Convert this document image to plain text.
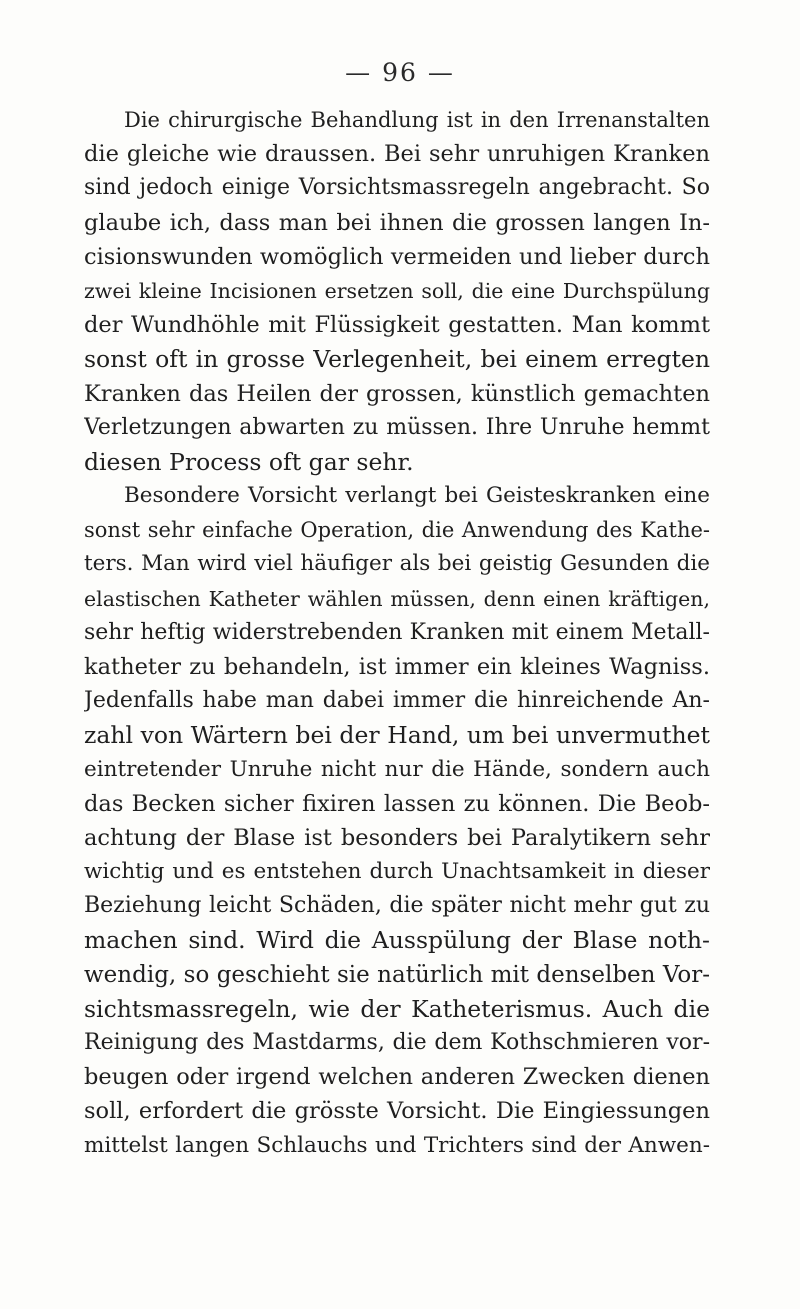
— 96 —
Die chirurgische Behandlung ist in den Irrenanstalten
die gleiche wie draussen. Bei sehr unruhigen Kranken
sind jedoch einige Vorsichtsmassregeln angebracht. So
glaube ich, dass man bei ihnen die grossen langen In-
cisionswunden womöglich vermeiden und lieber durch
zwei kleine Incisionen ersetzen soll, die eine Durchspülung
der Wundhöhle mit Flüssigkeit gestatten. Man kommt
sonst oft in grosse Verlegenheit, bei einem erregten
Kranken das Heilen der grossen, künstlich gemachten
Verletzungen abwarten zu müssen. Ihre Unruhe hemmt
diesen Process oft gar sehr.
Besondere Vorsicht verlangt bei Geisteskranken eine
sonst sehr einfache Operation, die Anwendung des Kathe-
ters. Man wird viel häufiger als bei geistig Gesunden die
elastischen Katheter wählen müssen, denn einen kräftigen,
sehr heftig widerstrebenden Kranken mit einem Metall-
katheter zu behandeln, ist immer ein kleines Wagniss.
Jedenfalls habe man dabei immer die hinreichende An-
zahl von Wärtern bei der Hand, um bei unvermuthet
eintretender Unruhe nicht nur die Hände, sondern auch
das Becken sicher fixiren lassen zu können. Die Beob-
achtung der Blase ist besonders bei Paralytikern sehr
wichtig und es entstehen durch Unachtsamkeit in dieser
Beziehung leicht Schäden, die später nicht mehr gut zu
machen sind. Wird die Ausspülung der Blase noth-
wendig, so geschieht sie natürlich mit denselben Vor-
sichtsmassregeln, wie der Katheterismus. Auch die
Reinigung des Mastdarms, die dem Kothschmieren vor-
beugen oder irgend welchen anderen Zwecken dienen
soll, erfordert die grösste Vorsicht. Die Eingiessungen
mittelst langen Schlauchs und Trichters sind der Anwen-
